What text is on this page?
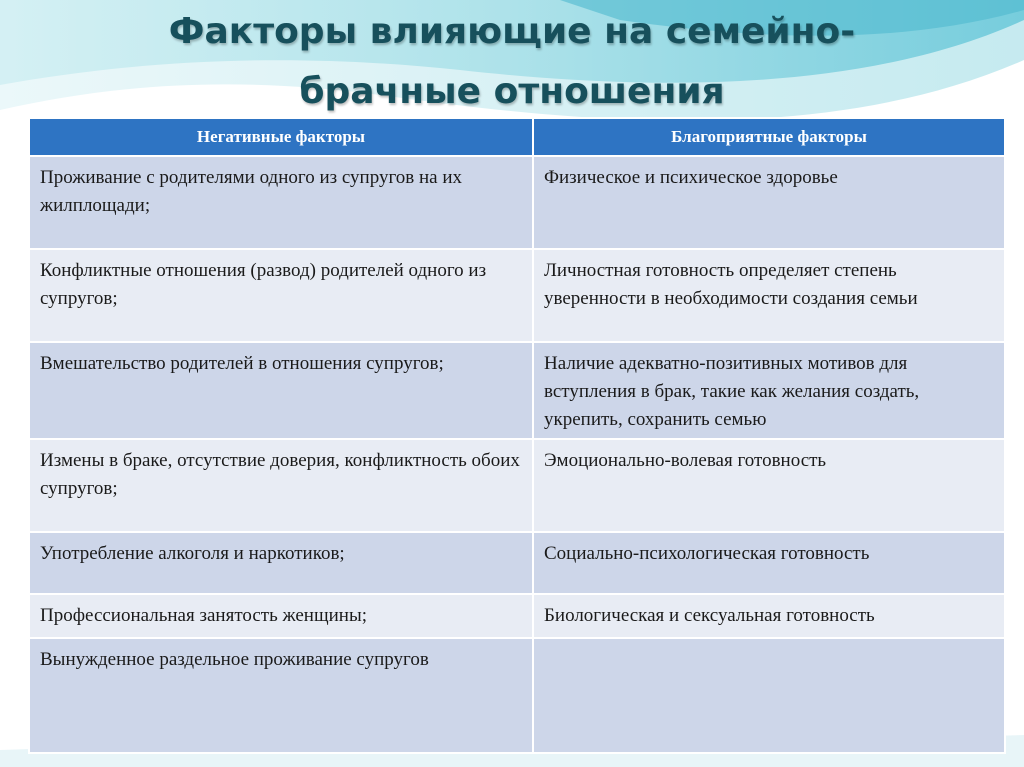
Факторы влияющие на семейно-
брачные отношения
Негативные факторы	Благоприятные факторы
Проживание с родителями одного из супругов на их жилплощади;	Физическое и психическое здоровье
Конфликтные отношения (развод) родителей одного из супругов;	Личностная готовность определяет степень уверенности в необходимости создания семьи
Вмешательство родителей в отношения супругов;	Наличие адекватно-позитивных мотивов для вступления в брак, такие как желания создать, укрепить, сохранить семью
Измены в браке, отсутствие доверия, конфликтность обоих супругов;	Эмоционально-волевая готовность
Употребление алкоголя и наркотиков;	Социально-психологическая готовность
Профессиональная занятость женщины;	Биологическая и сексуальная готовность
Вынужденное раздельное проживание супругов	
